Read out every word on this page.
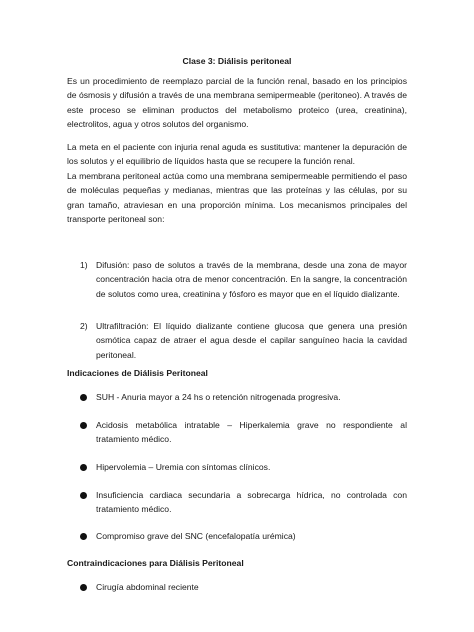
Clase 3: Diálisis peritoneal

Es un procedimiento de reemplazo parcial de la función renal, basado en los principios de ósmosis y difusión a través de una membrana semipermeable (peritoneo). A través de este proceso se eliminan productos del metabolismo proteico (urea, creatinina), electrolitos, agua y otros solutos del organismo.

La meta en el paciente con injuria renal aguda es sustitutiva: mantener la depuración de los solutos y el equilibrio de líquidos hasta que se recupere la función renal.

La membrana peritoneal actúa como una membrana semipermeable permitiendo el paso de moléculas pequeñas y medianas, mientras que las proteínas y las células, por su gran tamaño, atraviesan en una proporción mínima. Los mecanismos principales del transporte peritoneal son:

1) Difusión: paso de solutos a través de la membrana, desde una zona de mayor concentración hacia otra de menor concentración. En la sangre, la concentración de solutos como urea, creatinina y fósforo es mayor que en el líquido dializante.
2) Ultrafiltración: El líquido dializante contiene glucosa que genera una presión osmótica capaz de atraer el agua desde el capilar sanguíneo hacia la cavidad peritoneal.

Indicaciones de Diálisis Peritoneal

SUH - Anuria mayor a 24 hs o retención nitrogenada progresiva.
Acidosis metabólica intratable – Hiperkalemia grave no respondiente al tratamiento médico.
Hipervolemia – Uremia con síntomas clínicos.
Insuficiencia cardiaca secundaria a sobrecarga hídrica, no controlada con tratamiento médico.
Compromiso grave del SNC (encefalopatía urémica)

Contraindicaciones para Diálisis Peritoneal

Cirugía abdominal reciente
